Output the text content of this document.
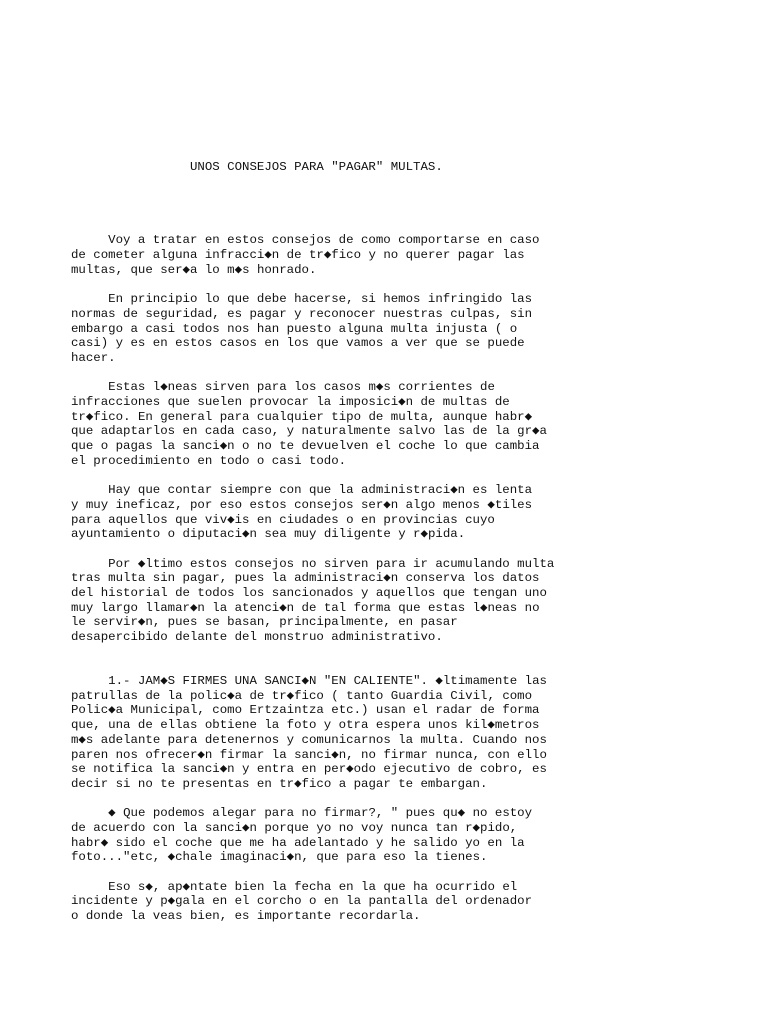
UNOS CONSEJOS PARA "PAGAR" MULTAS.
Voy a tratar en estos consejos de como comportarse en caso
de cometer alguna infracci◆n de tr◆fico y no querer pagar las
multas, que ser◆a lo m◆s honrado.
En principio lo que debe hacerse, si hemos infringido las
normas de seguridad, es pagar y reconocer nuestras culpas, sin
embargo a casi todos nos han puesto alguna multa injusta ( o
casi) y es en estos casos en los que vamos a ver que se puede
hacer.
Estas l◆neas sirven para los casos m◆s corrientes de
infracciones que suelen provocar la imposici◆n de multas de
tr◆fico. En general para cualquier tipo de multa, aunque habr◆
que adaptarlos en cada caso, y naturalmente salvo las de la gr◆a
que o pagas la sanci◆n o no te devuelven el coche lo que cambia
el procedimiento en todo o casi todo.
Hay que contar siempre con que la administraci◆n es lenta
y muy ineficaz, por eso estos consejos ser◆n algo menos ◆tiles
para aquellos que viv◆is en ciudades o en provincias cuyo
ayuntamiento o diputaci◆n sea muy diligente y r◆pida.
Por ◆ltimo estos consejos no sirven para ir acumulando multa
tras multa sin pagar, pues la administraci◆n conserva los datos
del historial de todos los sancionados y aquellos que tengan uno
muy largo llamar◆n la atenci◆n de tal forma que estas l◆neas no
le servir◆n, pues se basan, principalmente, en pasar
desapercibido delante del monstruo administrativo.
1.- JAM◆S FIRMES UNA SANCI◆N "EN CALIENTE". ◆ltimamente las
patrullas de la polic◆a de tr◆fico ( tanto Guardia Civil, como
Polic◆a Municipal, como Ertzaintza etc.) usan el radar de forma
que, una de ellas obtiene la foto y otra espera unos kil◆metros
m◆s adelante para detenernos y comunicarnos la multa. Cuando nos
paren nos ofrecer◆n firmar la sanci◆n, no firmar nunca, con ello
se notifica la sanci◆n y entra en per◆odo ejecutivo de cobro, es
decir si no te presentas en tr◆fico a pagar te embargan.
◆ Que podemos alegar para no firmar?, " pues qu◆ no estoy
de acuerdo con la sanci◆n porque yo no voy nunca tan r◆pido,
habr◆ sido el coche que me ha adelantado y he salido yo en la
foto..."etc, ◆chale imaginaci◆n, que para eso la tienes.
Eso s◆, ap◆ntate bien la fecha en la que ha ocurrido el
incidente y p◆gala en el corcho o en la pantalla del ordenador
o donde la veas bien, es importante recordarla.
